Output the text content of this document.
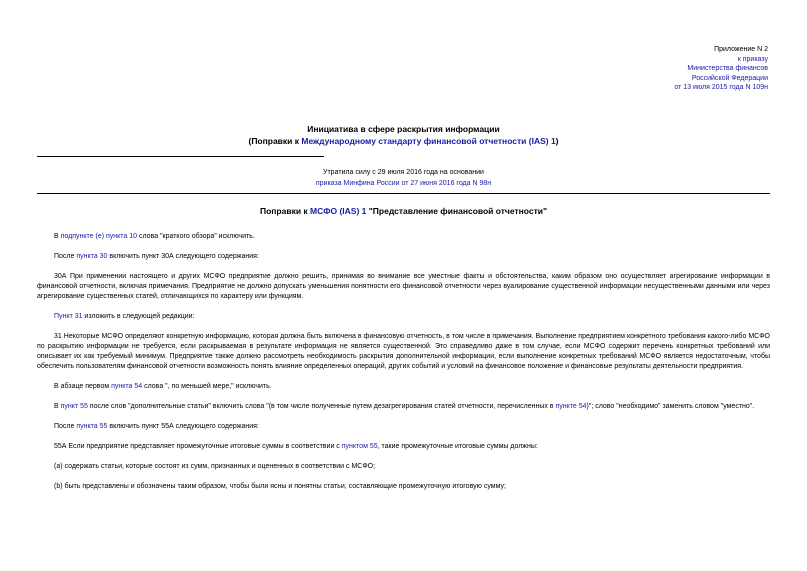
Приложение N 2
к приказу
Министерства финансов
Российской Федерации
от 13 июля 2015 года N 109н
Инициатива в сфере раскрытия информации
(Поправки к Международному стандарту финансовой отчетности (IAS) 1)
Утратила силу с 29 июля 2016 года на основании
приказа Минфина России от 27 июня 2016 года N 98н
Поправки к МСФО (IAS) 1 "Представление финансовой отчетности"

В подпункте (е) пункта 10 слова "краткого обзора" исключить.

После пункта 30 включить пункт 30А следующего содержания:

30А При применении настоящего и других МСФО предприятие должно решить, принимая во внимание все уместные факты и обстоятельства, каким образом оно осуществляет агрегирование информации в финансовой отчетности, включая примечания. Предприятие не должно допускать уменьшения понятности его финансовой отчетности через вуалирование существенной информации несущественными данными или через агрегирование существенных статей, отличающихся по характеру или функциям.

Пункт 31 изложить в следующей редакции:

31 Некоторые МСФО определяют конкретную информацию, которая должна быть включена в финансовую отчетность, в том числе в примечания. Выполнение предприятием конкретного требования какого-либо МСФО по раскрытию информации не требуется, если раскрываемая в результате информация не является существенной. Это справедливо даже в том случае, если МСФО содержит перечень конкретных требований или описывает их как требуемый минимум. Предприятие также должно рассмотреть необходимость раскрытия дополнительной информации, если выполнение конкретных требований МСФО является недостаточным, чтобы обеспечить пользователям финансовой отчетности возможность понять влияние определенных операций, других событий и условий на финансовое положение и финансовые результаты деятельности предприятия.

В абзаце первом пункта 54 слова ", по меньшей мере," исключить.

В пункт 55 после слов "дополнительные статьи" включить слова "(в том числе полученные путем дезагрегирования статей отчетности, перечисленных в пункте 54)"; слово "необходимо" заменить словом "уместно".

После пункта 55 включить пункт 55А следующего содержания:

55А Если предприятие представляет промежуточные итоговые суммы в соответствии с пунктом 55, такие промежуточные итоговые суммы должны:

(a) содержать статьи, которые состоят из сумм, признанных и оцененных в соответствии с МСФО;

(b) быть представлены и обозначены таким образом, чтобы были ясны и понятны статьи, составляющие промежуточную итоговую сумму;
